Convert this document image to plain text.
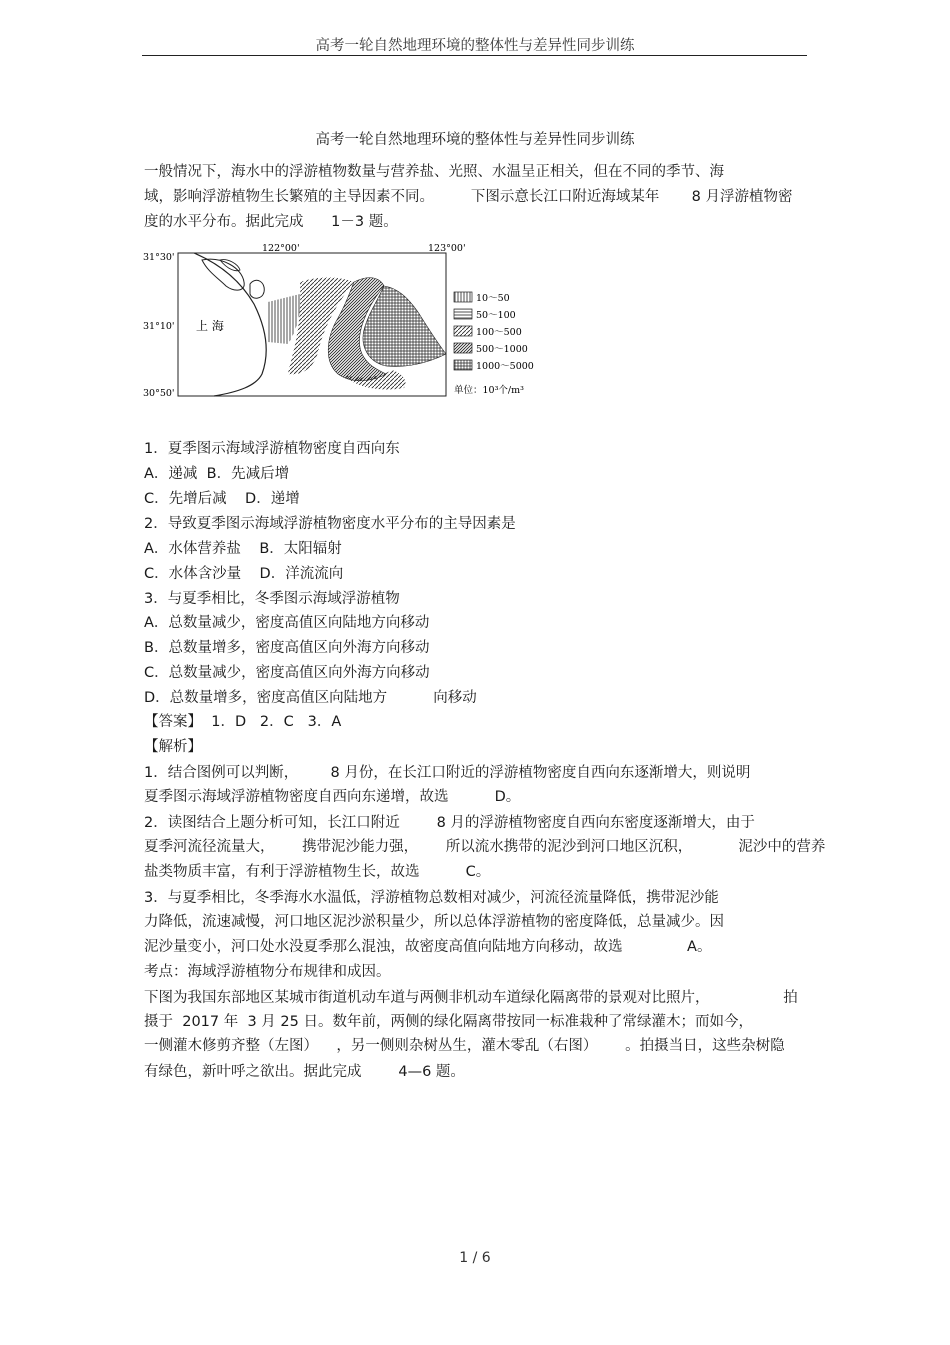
高考一轮自然地理环境的整体性与差异性同步训练
高考一轮自然地理环境的整体性与差异性同步训练
一般情况下，海水中的浮游植物数量与营养盐、光照、水温呈正相关，但在不同的季节、海
域，影响浮游植物生长繁殖的主导因素不同。        下图示意长江口附近海域某年       8 月浮游植物密
度的水平分布。据此完成      1－3 题。
31°30'
31°10'
30°50'
122°00'	123°00'
上 海
10～50
50～100
100～500
500～1000
1000～5000
单位：10³个/m³
1．夏季图示海域浮游植物密度自西向东
A．递减  B．先减后增
C．先增后减    D．递增
2．导致夏季图示海域浮游植物密度水平分布的主导因素是
A．水体营养盐    B．太阳辐射
C．水体含沙量    D．洋流流向
3．与夏季相比，冬季图示海域浮游植物
A．总数量减少，密度高值区向陆地方向移动
B．总数量增多，密度高值区向外海方向移动
C．总数量减少，密度高值区向外海方向移动
D．总数量增多，密度高值区向陆地方          向移动
【答案】  1．D   2．C   3．A
【解析】
1．结合图例可以判断，       8 月份，在长江口附近的浮游植物密度自西向东逐渐增大，则说明
夏季图示海域浮游植物密度自西向东递增，故选          D。
2．读图结合上题分析可知，长江口附近        8 月的浮游植物密度自西向东密度逐渐增大，由于
夏季河流径流量大，      携带泥沙能力强，      所以流水携带的泥沙到河口地区沉积，          泥沙中的营养
盐类物质丰富，有利于浮游植物生长，故选          C。
3．与夏季相比，冬季海水水温低，浮游植物总数相对减少，河流径流量降低，携带泥沙能
力降低，流速减慢，河口地区泥沙淤积量少，所以总体浮游植物的密度降低，总量减少。因
泥沙量变小，河口处水没夏季那么混浊，故密度高值向陆地方向移动，故选              A。
考点：海域浮游植物分布规律和成因。
下图为我国东部地区某城市街道机动车道与两侧非机动车道绿化隔离带的景观对比照片，                拍
摄于  2017 年  3 月 25 日。数年前，两侧的绿化隔离带按同一标准栽种了常绿灌木；而如今，
一侧灌木修剪齐整（左图）    ，另一侧则杂树丛生，灌木零乱（右图）      。拍摄当日，这些杂树隐
有绿色，新叶呼之欲出。据此完成        4—6 题。
1 / 6
